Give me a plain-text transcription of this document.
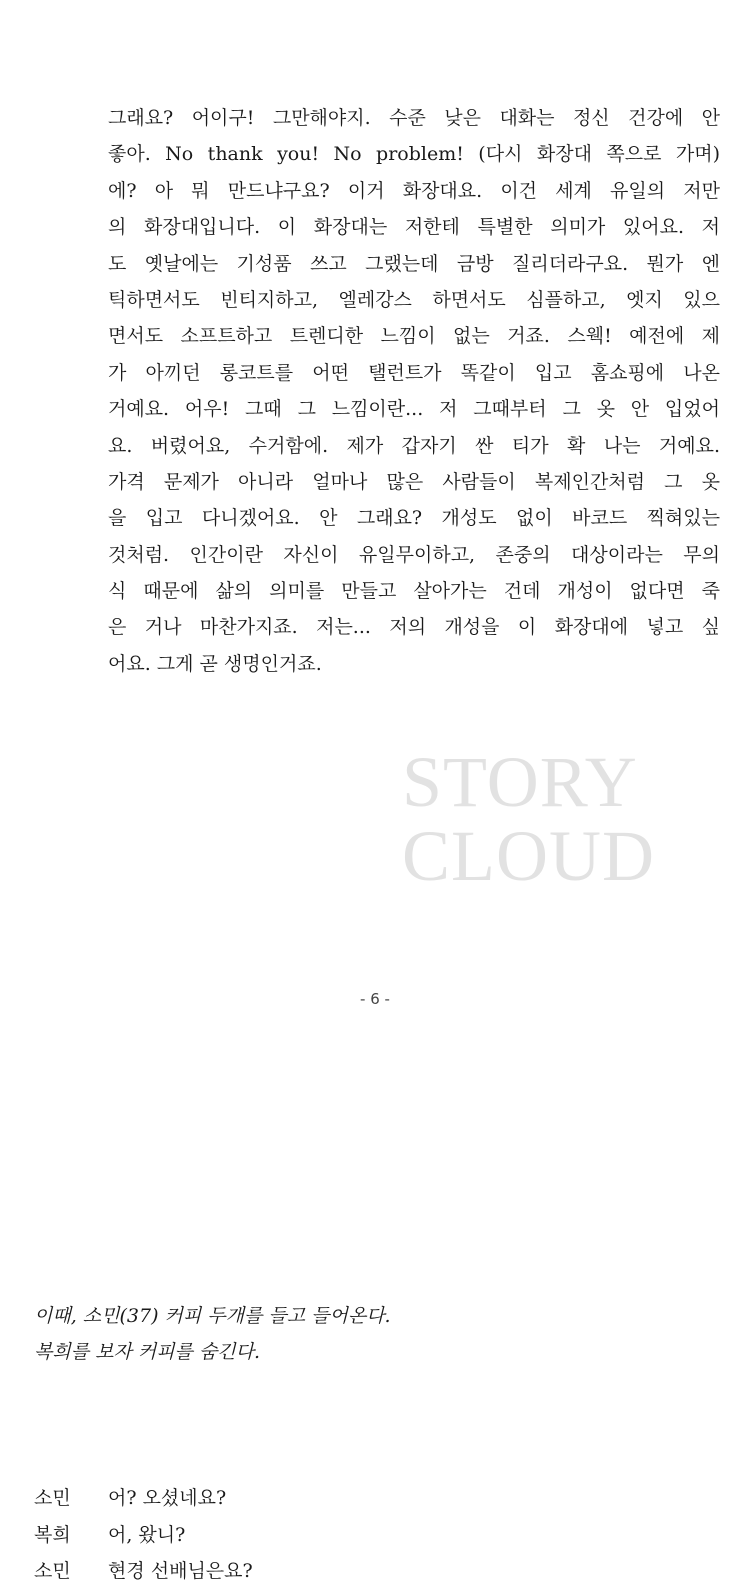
STORY
CLOUD
그래요? 어이구! 그만해야지. 수준 낮은 대화는 정신 건강에 안
좋아. No thank you! No problem! (다시 화장대 쪽으로 가며)
에? 아 뭐 만드냐구요? 이거 화장대요. 이건 세계 유일의 저만
의 화장대입니다. 이 화장대는 저한테 특별한 의미가 있어요. 저
도 옛날에는 기성품 쓰고 그랬는데 금방 질리더라구요. 뭔가 엔
틱하면서도 빈티지하고, 엘레강스 하면서도 심플하고, 엣지 있으
면서도 소프트하고 트렌디한 느낌이 없는 거죠. 스웩! 예전에 제
가 아끼던 롱코트를 어떤 탤런트가 똑같이 입고 홈쇼핑에 나온
거예요. 어우! 그때 그 느낌이란... 저 그때부터 그 옷 안 입었어
요. 버렸어요, 수거함에. 제가 갑자기 싼 티가 확 나는 거예요.
가격 문제가 아니라 얼마나 많은 사람들이 복제인간처럼 그 옷
을 입고 다니겠어요. 안 그래요? 개성도 없이 바코드 찍혀있는
것처럼. 인간이란 자신이 유일무이하고, 존중의 대상이라는 무의
식 때문에 삶의 의미를 만들고 살아가는 건데 개성이 없다면 죽
은 거나 마찬가지죠. 저는... 저의 개성을 이 화장대에 넣고 싶
어요. 그게 곧 생명인거죠.
이때, 소민(37) 커피 두개를 들고 들어온다.
복희를 보자 커피를 숨긴다.
소민	어? 오셨네요?
복희	어, 왔니?
소민	현경 선배님은요?
- 6 -
